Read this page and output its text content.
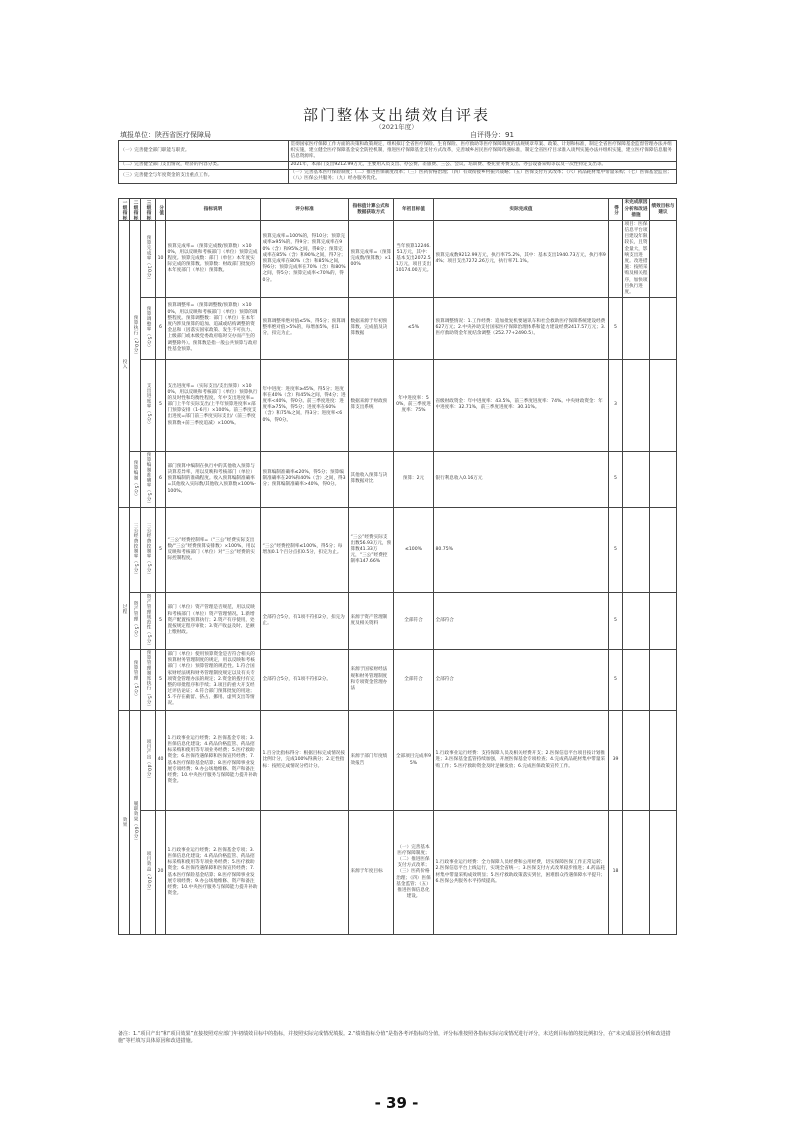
部门整体支出绩效自评表
（2021年度）
填报单位：陕西省医疗保障局	自评得分：91
（一）完善健全部门职能与职责。	贯彻国家医疗保障工作方面的决策和政策规定，组织拟订全省医疗保险、生育保险、医疗救助等医疗保障制度的法规规章草案、政策、计划和标准，制定全省医疗保障基金监督管理办法并组织实施，建立健全医疗保障基金安全防控机制，推进医疗保障基金支付方式改革，完善城乡居民医疗保障待遇标准，制定全省医疗目录准入谈判实施办法并组织实施，建立医疗保障信息服务信息资源库。
（二）完善健全部门支出情况，经济的内容分类。	2021年，本部门支出9212.99万元，主要用入员支出、办公费、差旅费、三公、会议、培训费、委托业务费支出、办公设备采购等以及一次性特定支出等。
（三）完善健全与年度资金的支出重点工作。	（一）完善基本医疗保险制度；（二）推进医保制度改革；（三）医药价格治理；（四）有效衔接乡村振兴战略；（五）医保支付方式改革；（六）药品耗材集中带量采购；（七）医保基金监管；（八）医保公共服务；（九）经办服务优化。
一级指标	二级指标	三级指标	分值	指标说明	评分标准	指标值计算公式和数据获取方式	年初目标值	实际完成值	得分	未完成原因分析和改进措施	绩效目标与建议

投入	预算执行（20分）	预算完成率（10分）	10	预算完成率=（预算完成数/预算数）×100%，用以反映和考核部门（单位）预算完成程度。预算完成数：部门（单位）本年度实际完成的预算数。预算数：财政部门批复的本年度部门（单位）预算数。	预算完成率=100%的，得10分；预算完成率≥95%的，得9分；预算完成率在90%（含）和95%之间，得8分；预算完成率在85%（含）和90%之间，得7分；预算完成率在80%（含）和85%之间，得6分；预算完成率在70%（含）和80%之间，得5分；预算完成率<70%的，得0分。	预算完成率=（预算完成数/预算数）×100%	当年预算12246.51万元，其中：基本支出2072.51万元，项目支出10174.00万元。	预算完成数9212.99万元，执行率75.2%，其中：基本支出1940.73万元，执行率94%；项目支出7272.26万元，执行率71.1%。		项目：医保信息平台项目建设年限较长，且资金量大，影响支出进度。改进措施：按照采购及相关程序，加快项目执行进度。	

		预算调整率（5分）	6	预算调整率=（预算调整数/预算数）×100%，用以反映和考核部门（单位）预算的调整程度。预算调整数：部门（单位）在本年度内涉及预算的追加、追减或结构调整的资金总和（因落实国家政策、发生不可抗力、上级部门或本级党委政府临时交办而产生的调整除外）。预算数是指一般公共预算与政府性基金预算。	预算调整率绝对值≤5%，得5分；预算调整率绝对值>5%的，每增加5%，扣1分，扣完为止。	数据来源于年初预算数、完成值及决算数据	≤5%	预算调整情况：1.工作经费：追加批复机要通讯车和社会救助医疗保障系统建设经费627万元；2.中央补助支付国家医疗保障治理体系和能力建设经费2417.57万元；3.医疗救助资金年度结余调整（252.77+2490.5）。	5		

		支出进度率（5分）	5	支出进度率=（实际支出/支出预算）×100%，用以反映和考核部门（单位）预算执行的及时性和均衡性程度。年中支出进度率=部门上半年实际支出/上半年预算进度率×部门预算安排（1-6月）×100%。前三季度支出进度=部门前三季度实际支出/（前三季度预算数+前三季度追减）×100%。	年中进度：进度率≥45%，得5分；进度率在40%（含）和45%之间，得4分；进度率<40%，得0分。前三季度进度：进度率≥75%，得5分；进度率在60%（含）和75%之间，得3分；进度率<60%，得0分。	数据来源于财政预算支出系统	年中进度率：50%，前三季度进度率：75%	省级财政资金：年中进度率：43.5%，前三季度进度率：74%。中央财政资金：年中进度率：32.71%，前三季度进度率：30.31%。	3		

	预算编制（5分）	预算编制准确率（5分）	6	部门预算中编制在执行中的其他收入预算与决算差异率，用以反映和考核部门（单位）预算编制的准确程度。收入预算编制准确率=其他收入实际数/其他收入预算数×100%-100%。	预算编制准确率≤20%，得5分；预算编制准确率在20%和40%（含）之间，得3分；预算编制准确率>40%，得0分。	其他收入预算与决算数据对比	预算：2元	银行利息收入0.16万元	5		

过程	三公经费控制率（5分）	三公经费控制率（5分）	5	“三公”经费控制率=（“三公”经费实际支出数/“三公”经费预算安排数）×100%，用以反映和考核部门（单位）对“三公”经费的实际控制程度。	“三公”经费控制率≤100%，得5分；每增加0.1个百分点扣0.5分，扣完为止。	“三公”经费实际支出数56.93万元，预算数41.33万元，“三公”经费控制率147.66%	≤100%	80.75%	5		

	资产管理（5分）	资产管理规范性（5分）	5	部门（单位）资产管理是否规范，用以反映和考核部门（单位）资产管理情况。1.新增资产配置按预算执行；2.资产有序使用，处置按规定程序审批；3.资产收益及时、足额上缴财政。	全部符合5分，有1项不符扣2分，扣完为止。	来源于资产管理制度及相关资料	全部符合	全部符合	5		

	预算管理（5分）	预算管理制度执行（5分）	5	部门（单位）使用预算资金是否符合相关的预算财务管理制度的规定，用以反映和考核部门（单位）预算管理的规范性。1.符合国家财经法规和财务管理制度规定以及有关专项资金管理办法的规定；2.资金的拨付有完整的审批程序和手续；3.项目的重大开支经过评估论证；4.符合部门预算批复的用途；5.不存在截留、挤占、挪用、虚列支出等情况。	全部符合5分，有1项不符扣2分。	来源于国家财经法规和财务管理制度和专项资金管理办法	全部符合	全部符合	5		

效果	履职效果（60分）	项目产出（40分）	40	1.行政事业运行经费；2.医保基金专项；3.医保信息化建设；4.药品价格监管、药品招标采购和使用等专项业务经费；5.医疗救助资金；6.医保待遇保障和医保宣传经费；7.基本医疗保险基金结算；8.医疗保障事业发展专项经费；9.办公场地维修、资产和备注经费；10.中央医疗服务与保障能力提升补助资金。	1.百分比指标得分：根据目标完成情况按比例计分，完成100%得满分；2.定性指标：按照完成情况分档计分。	来源于部门年度绩效报告	全部项目完成率95%	1.行政事业运行经费：支持保障人员及相关经费开支；2.医保信息平台项目按计划推进；3.医保基金监管持续加强，开展医保基金专项检查；4.完成药品耗材集中带量采购工作；5.医疗救助资金及时足额发放；6.完成医保政策宣传工作。	39		

		项目效益（20分）	20	1.行政事业运行经费；2.医保基金专项；3.医保信息化建设；4.药品价格监管、药品招标采购和使用等专项业务经费；5.医疗救助资金；6.医保待遇保障和医保宣传经费；7.基本医疗保险基金结算；8.医疗保障事业发展专项经费；9.办公场地维修、资产和备注经费；10.中央医疗服务与保障能力提升补助资金。		来源于年度目标	（一）完善基本医疗保障制度；（二）推进医保支付方式改革；（三）医药价格治理；（四）医保基金监管；（五）推进医保信息化建设。	1.行政事业运行经费：全力保障人员经费和公用经费，切实保障医保工作正常运转；2.医保信息平台上线运行，实现全省统一；3.医保支付方式改革稳步推进；4.药品耗材集中带量采购成效明显；5.医疗救助政策落实到位，困难群众待遇保障水平提升；6.医保公共服务水平持续提高。	18		
备注：1.“项目产出”和“项目效果”直接按照对应部门年初绩效目标中的指标，并按照实际完成情况填报。2.“绩效指标分值”是指各考评指标的分值，评分标准按照各指标实际完成情况进行评分，未达到目标值的按比例扣分，在“未完成原因分析和改进措施”等栏填写具体原因和改进措施。
- 39 -
